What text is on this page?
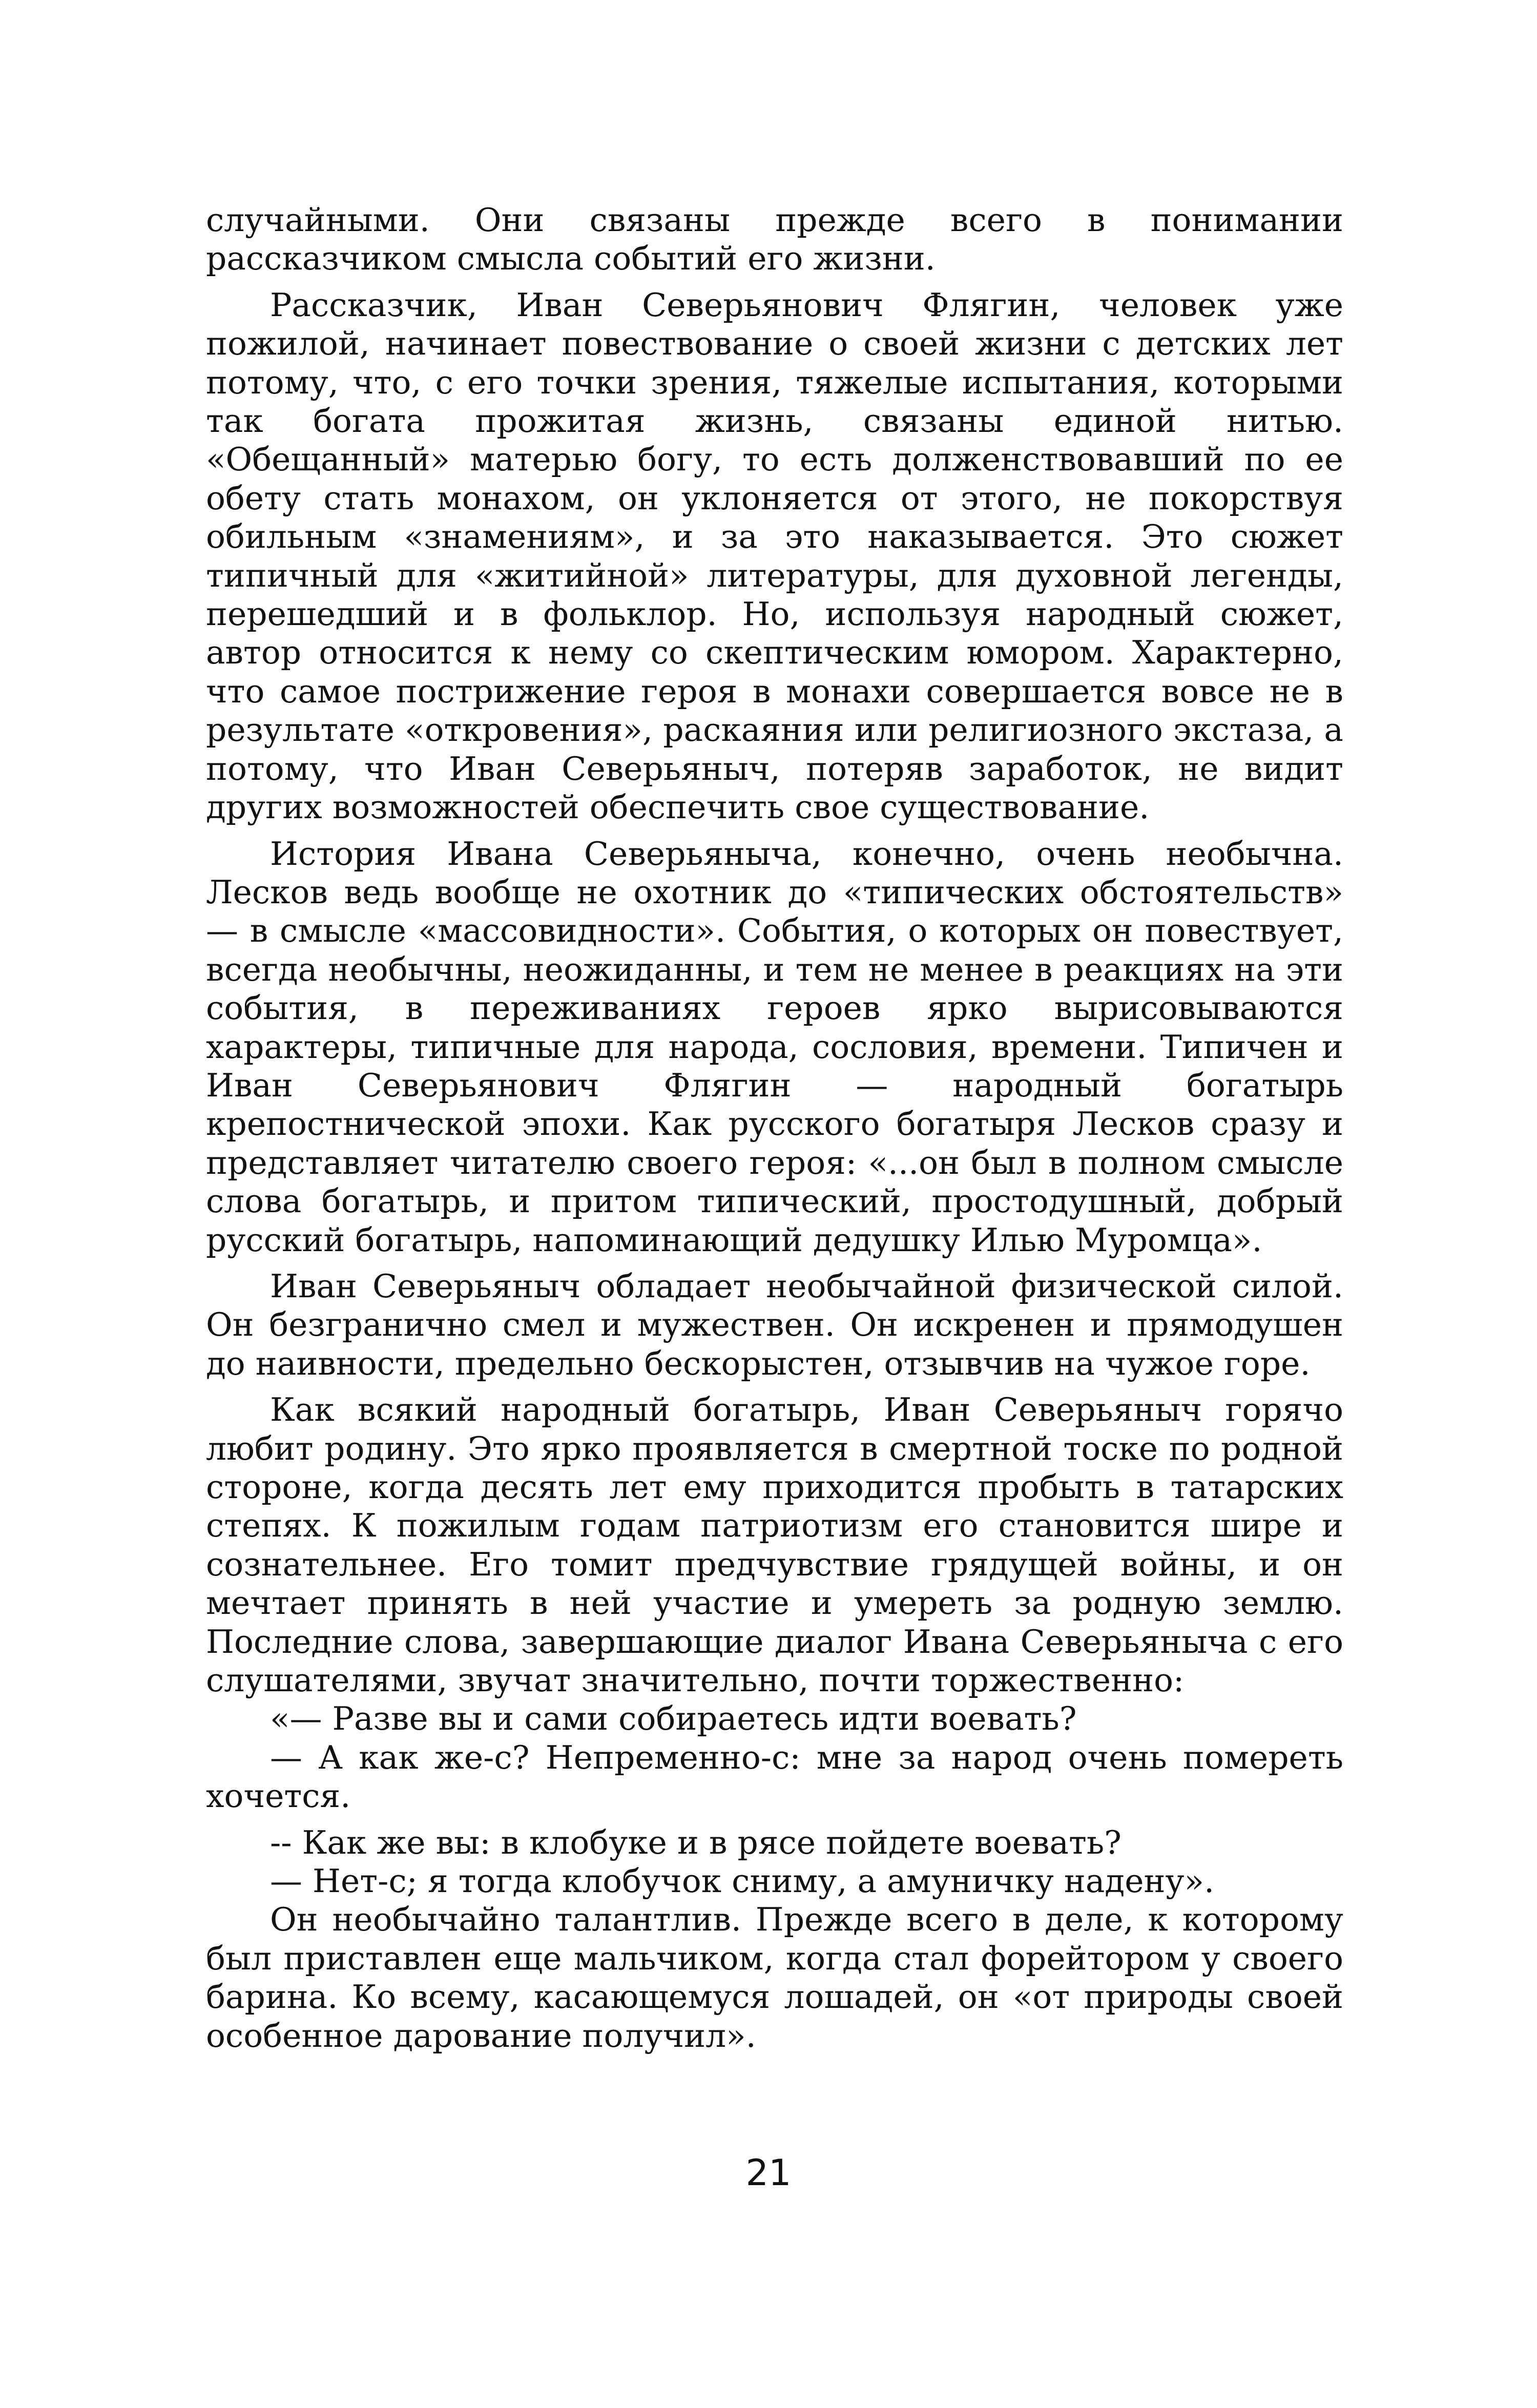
случайными. Они связаны прежде всего в понимании рассказчиком смысла событий его жизни.

Рассказчик, Иван Северьянович Флягин, человек уже пожилой, начинает повествование о своей жизни с детских лет потому, что, с его точки зрения, тяжелые испытания, которыми так богата прожитая жизнь, связаны единой нитью. «Обещанный» матерью богу, то есть долженствовавший по ее обету стать монахом, он уклоняется от этого, не покорствуя обильным «знамениям», и за это наказывается. Это сюжет типичный для «житийной» литературы, для духовной легенды, перешедший и в фольклор. Но, используя народный сюжет, автор относится к нему со скептическим юмором. Характерно, что самое пострижение героя в монахи совершается вовсе не в результате «откровения», раскаяния или религиозного экстаза, а потому, что Иван Северьяныч, потеряв заработок, не видит других возможностей обеспечить свое существование.

История Ивана Северьяныча, конечно, очень необычна. Лесков ведь вообще не охотник до «типических обстоятельств» — в смысле «массовидности». События, о которых он повествует, всегда необычны, неожиданны, и тем не менее в реакциях на эти события, в переживаниях героев ярко вырисовываются характеры, типичные для народа, сословия, времени. Типичен и Иван Северьянович Флягин — народный богатырь крепостнической эпохи. Как русского богатыря Лесков сразу и представляет читателю своего героя: «...он был в полном смысле слова богатырь, и притом типический, простодушный, добрый русский богатырь, напоминающий дедушку Илью Муромца».

Иван Северьяныч обладает необычайной физической силой. Он безгранично смел и мужествен. Он искренен и прямодушен до наивности, предельно бескорыстен, отзывчив на чужое горе.

Как всякий народный богатырь, Иван Северьяныч горячо любит родину. Это ярко проявляется в смертной тоске по родной стороне, когда десять лет ему приходится пробыть в татарских степях. К пожилым годам патриотизм его становится шире и сознательнее. Его томит предчувствие грядущей войны, и он мечтает принять в ней участие и умереть за родную землю. Последние слова, завершающие диалог Ивана Северьяныча с его слушателями, звучат значительно, почти торжественно:

«— Разве вы и сами собираетесь идти воевать?

— А как же-с? Непременно-с: мне за народ очень помереть хочется.

-- Как же вы: в клобуке и в рясе пойдете воевать?

— Нет-с; я тогда клобучок сниму, а амуничку надену».

Он необычайно талантлив. Прежде всего в деле, к которому был приставлен еще мальчиком, когда стал форейтором у своего барина. Ко всему, касающемуся лошадей, он «от природы своей особенное дарование получил».

21
